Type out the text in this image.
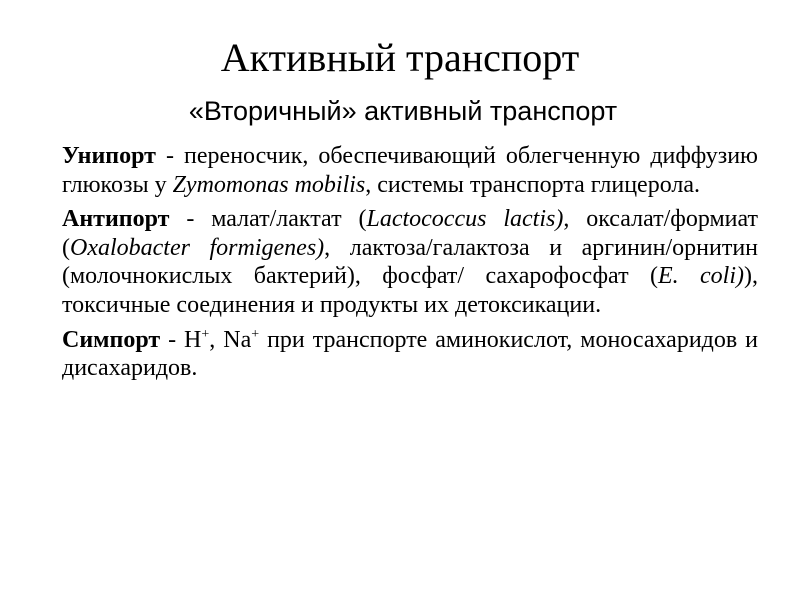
Активный транспорт
«Вторичный» активный транспорт

Унипорт - переносчик, обеспечивающий облегченную диффузию глюкозы у Zymomonas mobilis, системы транспорта глицерола.

Антипорт - малат/лактат (Lactococcus lactis), оксалат/формиат (Oxalobacter formigenes), лактоза/галактоза и аргинин/орнитин (молочнокислых бактерий), фосфат/ сахарофосфат (E. coli)), токсичные соединения и продукты их детоксикации.

Симпорт - H+, Na+ при транспорте аминокислот, моносахаридов и дисахаридов.
